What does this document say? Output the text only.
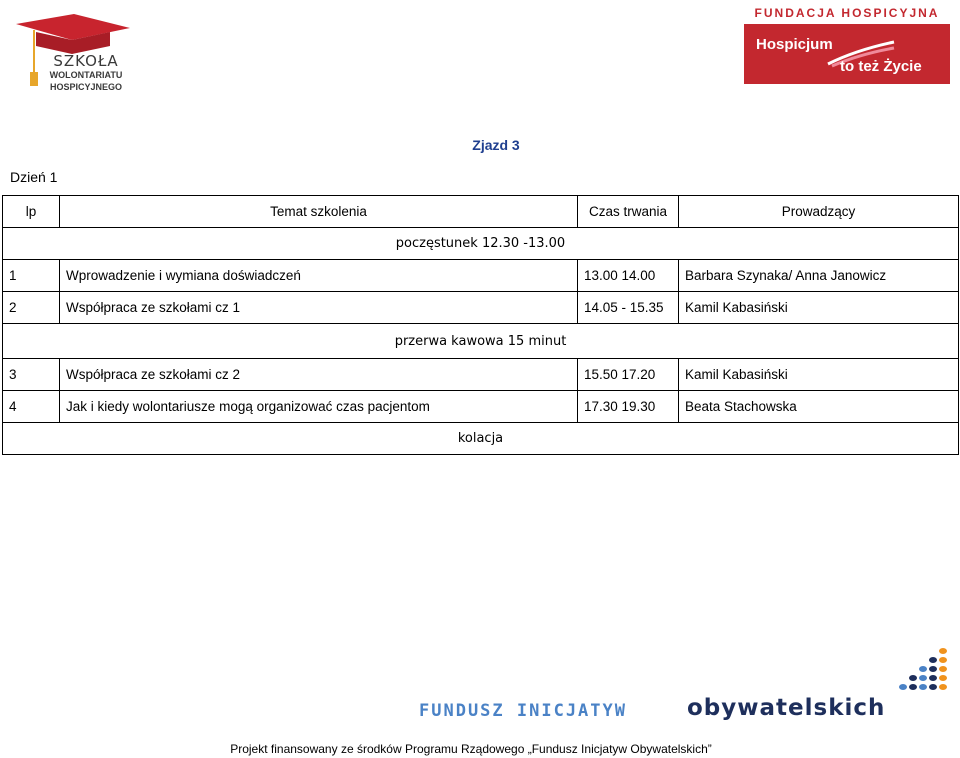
SZKOŁA
WOLONTARIATU
HOSPICYJNEGO
FUNDACJA HOSPICYJNA
Hospicjum
to też Życie
Zjazd 3
Dzień 1
lp	Temat szkolenia	Czas trwania	Prowadzący
poczęstunek 12.30 -13.00			
1	Wprowadzenie i wymiana doświadczeń	13.00 14.00	Barbara Szynaka/ Anna Janowicz
2	Współpraca ze szkołami cz 1	14.05 - 15.35	Kamil Kabasiński
przerwa kawowa 15 minut			
3	Współpraca ze szkołami cz 2	15.50 17.20	Kamil Kabasiński
4	Jak i kiedy wolontariusze mogą organizować czas pacjentom	17.30 19.30	Beata Stachowska
kolacja			
FUNDUSZ INICJATYW	obywatelskich
Projekt finansowany ze środków Programu Rządowego „Fundusz Inicjatyw Obywatelskich”
